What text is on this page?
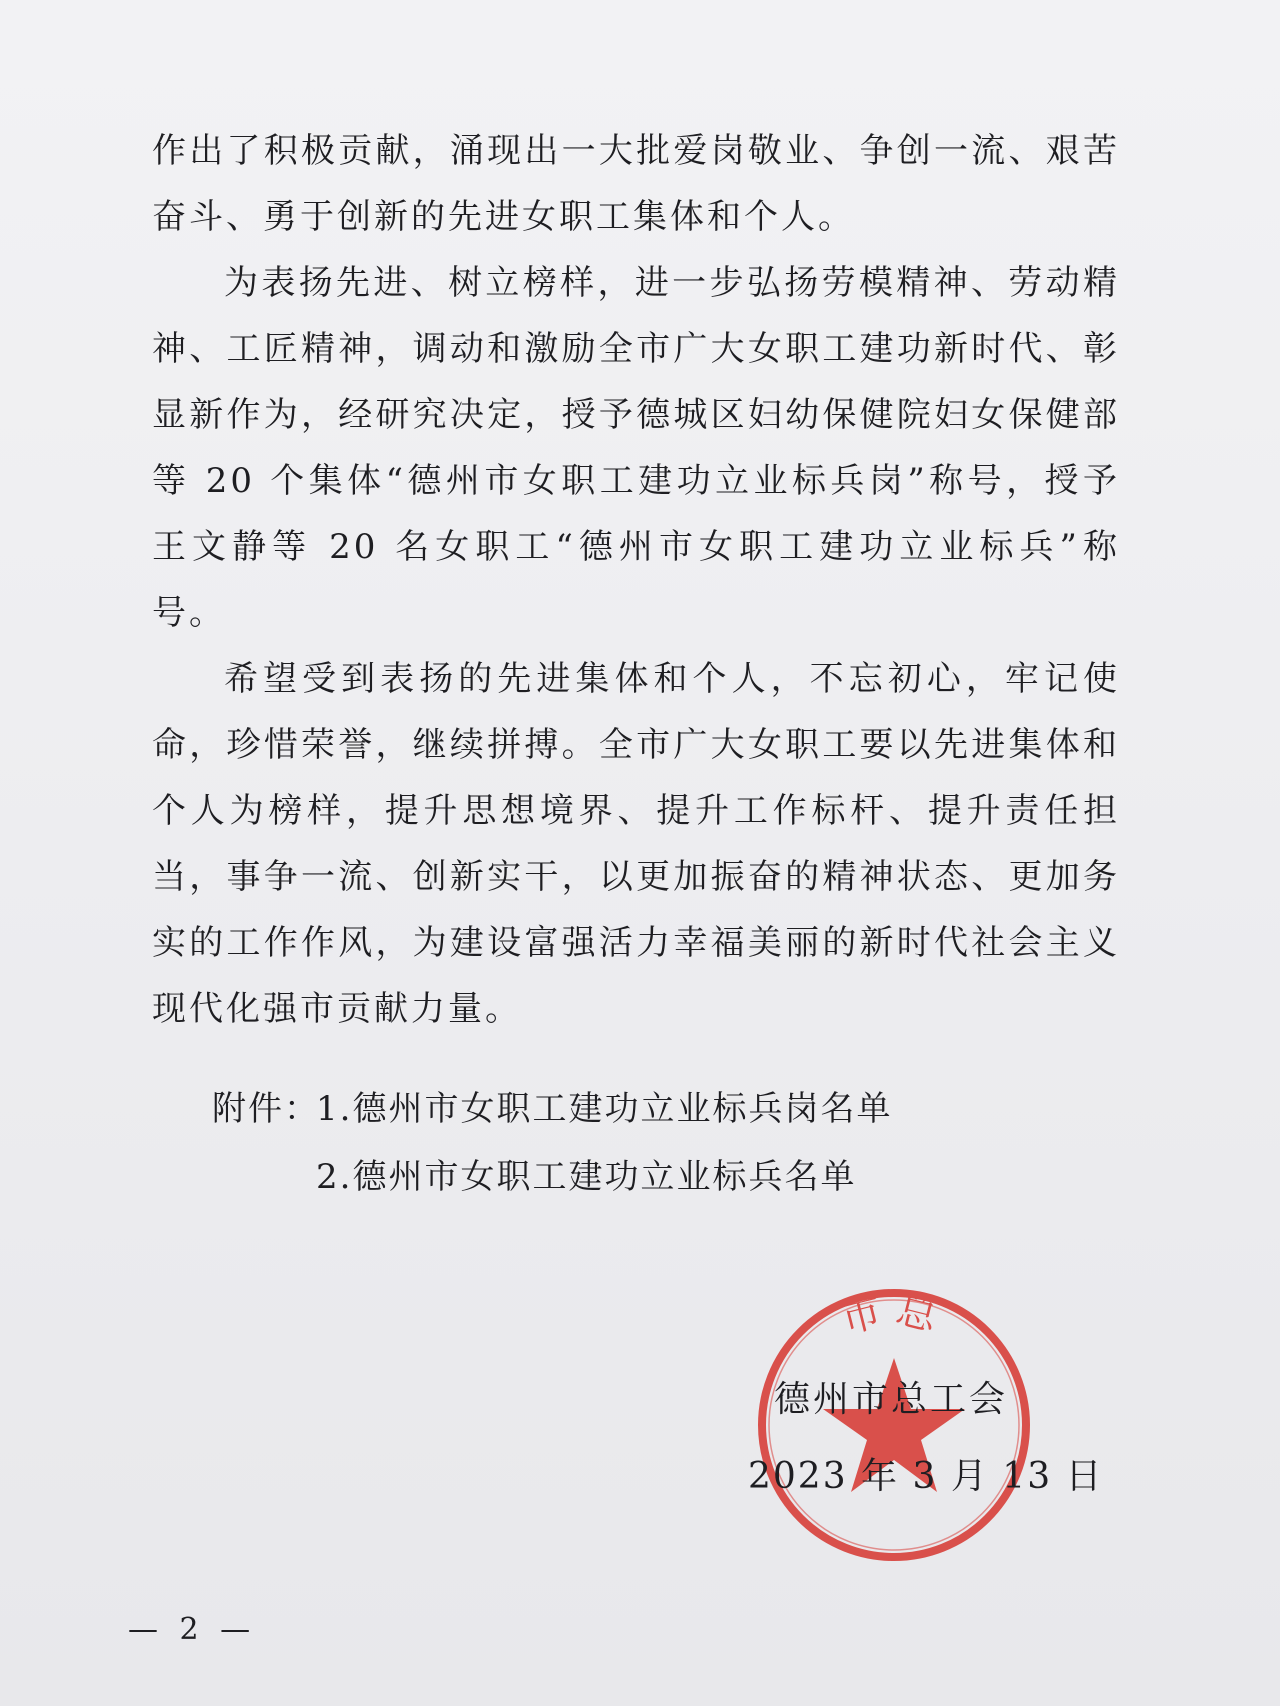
作出了积极贡献，涌现出一大批爱岗敬业、争创一流、艰苦奋斗、勇于创新的先进女职工集体和个人。

为表扬先进、树立榜样，进一步弘扬劳模精神、劳动精神、工匠精神，调动和激励全市广大女职工建功新时代、彰显新作为，经研究决定，授予德城区妇幼保健院妇女保健部等 20 个集体“德州市女职工建功立业标兵岗”称号，授予王文静等 20 名女职工“德州市女职工建功立业标兵”称号。

希望受到表扬的先进集体和个人，不忘初心，牢记使命，珍惜荣誉，继续拼搏。全市广大女职工要以先进集体和个人为榜样，提升思想境界、提升工作标杆、提升责任担当，事争一流、创新实干，以更加振奋的精神状态、更加务实的工作作风，为建设富强活力幸福美丽的新时代社会主义现代化强市贡献力量。

附件：
1.德州市女职工建功立业标兵岗名单
2.德州市女职工建功立业标兵名单
市总
德州市总工会
2023 年 3 月 13 日
— 2 —
